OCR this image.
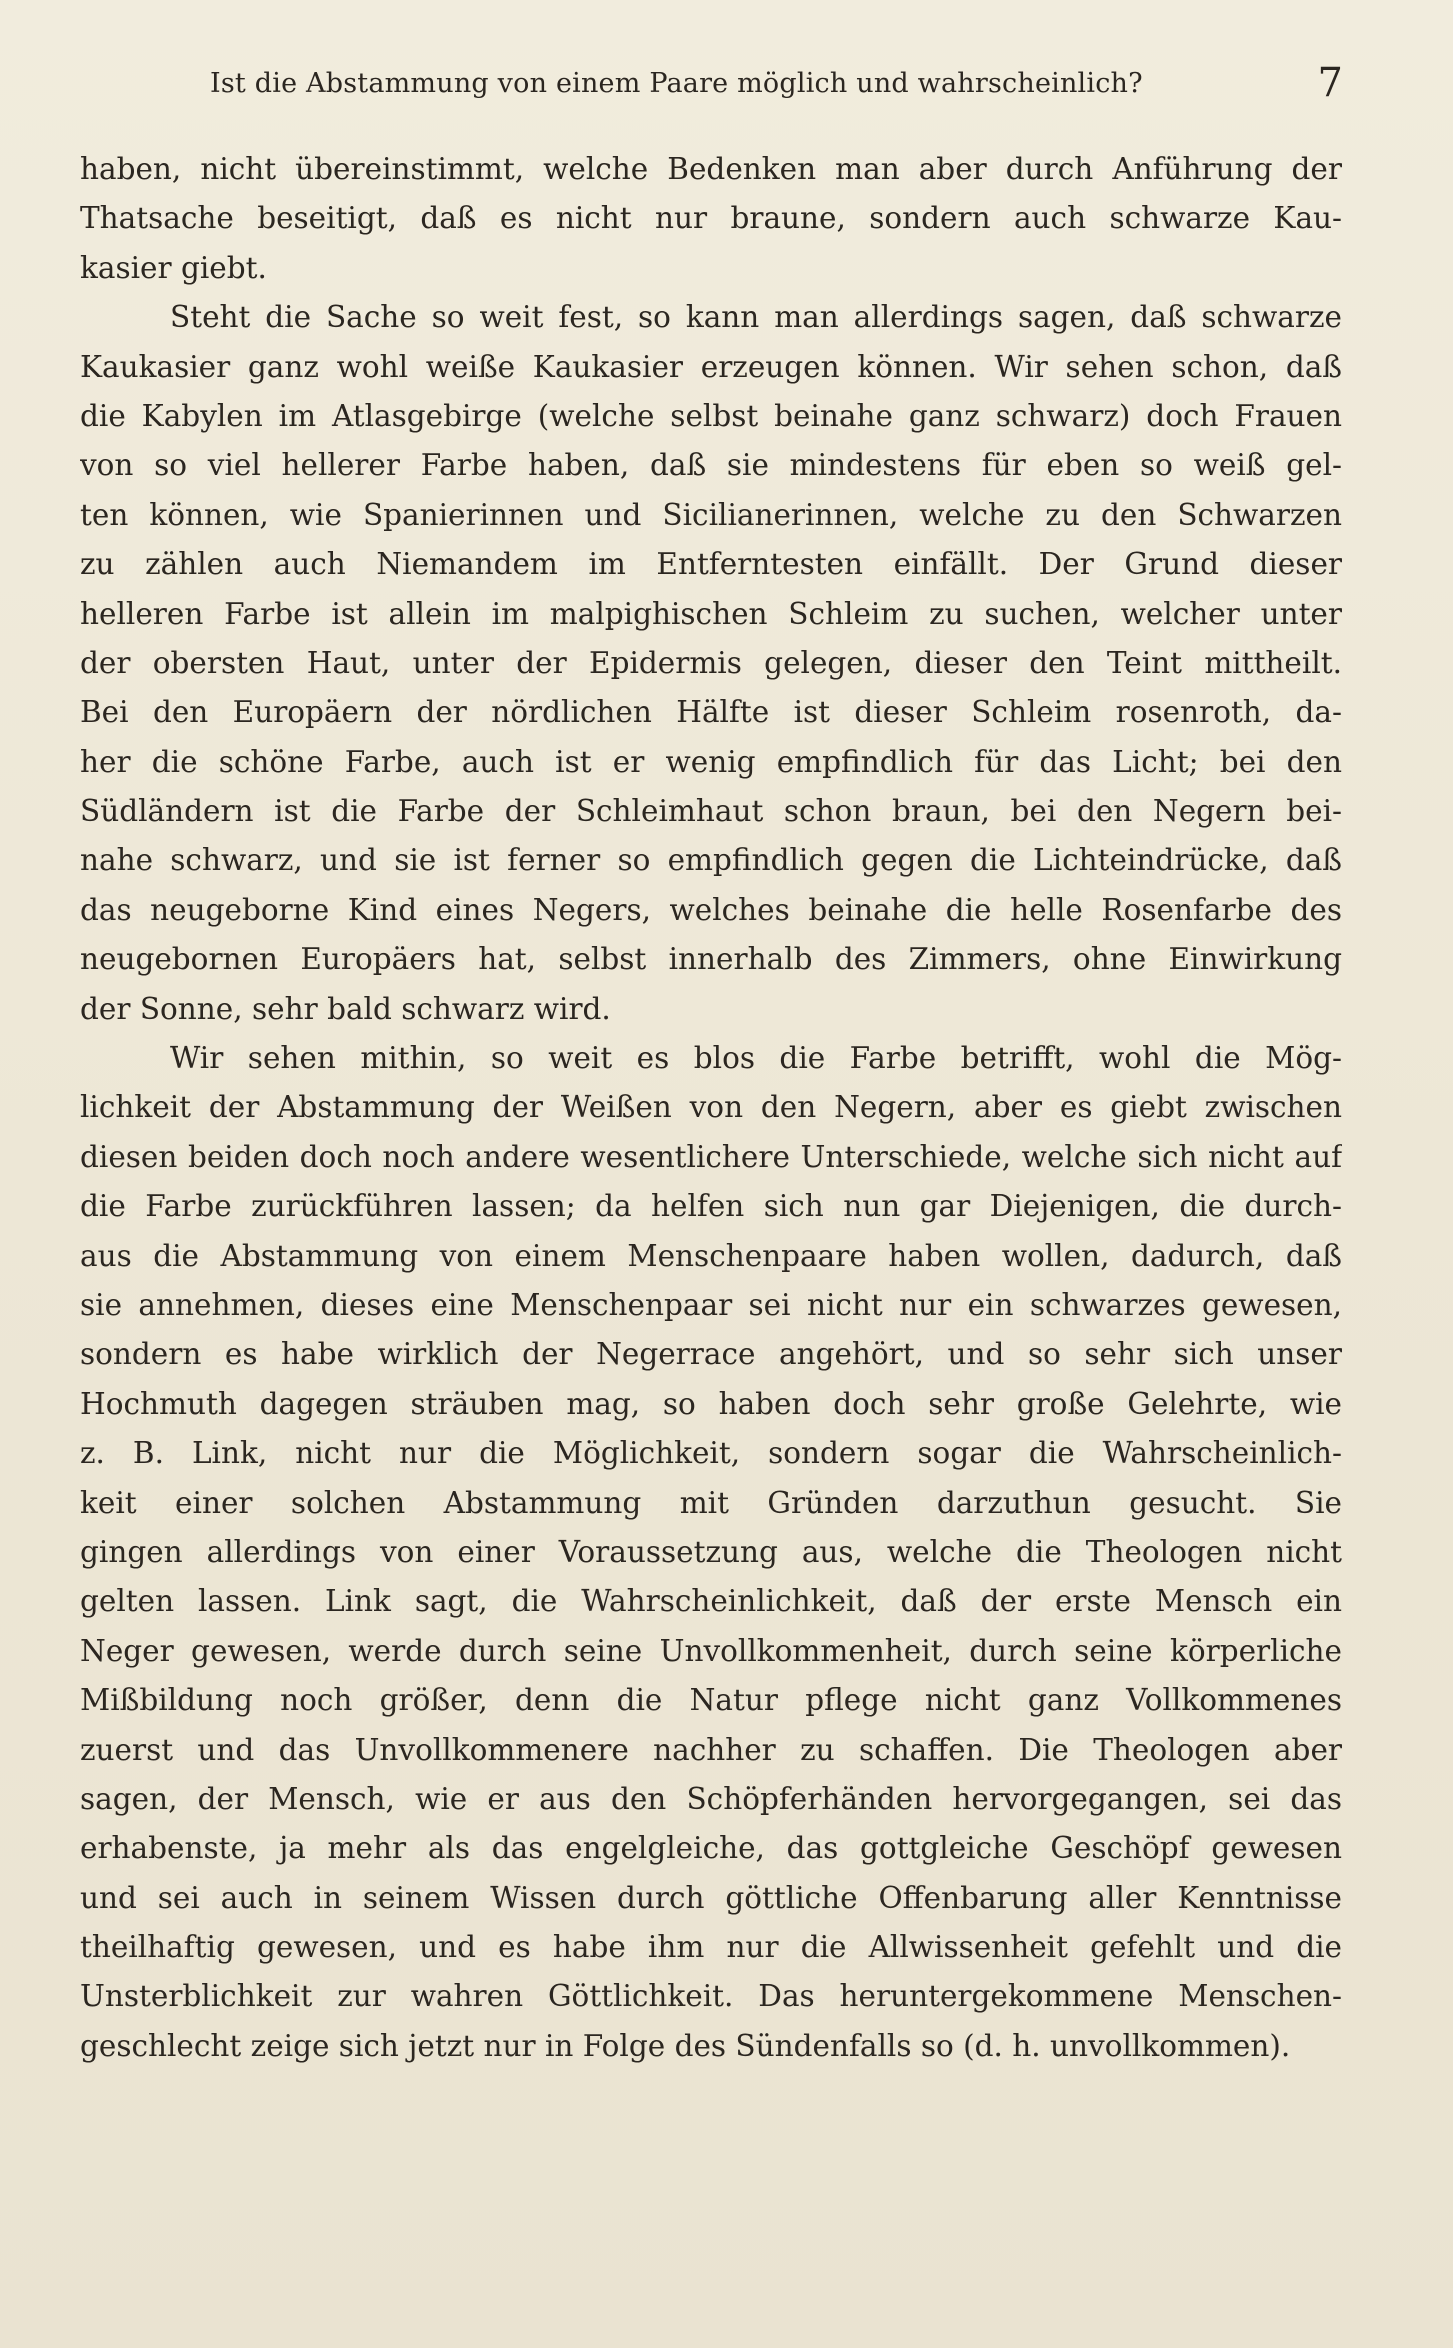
Ist die Abstammung von einem Paare möglich und wahrscheinlich?	7
haben, nicht übereinstimmt, welche Bedenken man aber durch Anführung der
Thatsache beseitigt, daß es nicht nur braune, sondern auch schwarze Kau-
kasier giebt.
Steht die Sache so weit fest, so kann man allerdings sagen, daß schwarze
Kaukasier ganz wohl weiße Kaukasier erzeugen können. Wir sehen schon, daß
die Kabylen im Atlasgebirge (welche selbst beinahe ganz schwarz) doch Frauen
von so viel hellerer Farbe haben, daß sie mindestens für eben so weiß gel-
ten können, wie Spanierinnen und Sicilianerinnen, welche zu den Schwarzen
zu zählen auch Niemandem im Entferntesten einfällt. Der Grund dieser
helleren Farbe ist allein im malpighischen Schleim zu suchen, welcher unter
der obersten Haut, unter der Epidermis gelegen, dieser den Teint mittheilt.
Bei den Europäern der nördlichen Hälfte ist dieser Schleim rosenroth, da-
her die schöne Farbe, auch ist er wenig empfindlich für das Licht; bei den
Südländern ist die Farbe der Schleimhaut schon braun, bei den Negern bei-
nahe schwarz, und sie ist ferner so empfindlich gegen die Lichteindrücke, daß
das neugeborne Kind eines Negers, welches beinahe die helle Rosenfarbe des
neugebornen Europäers hat, selbst innerhalb des Zimmers, ohne Einwirkung
der Sonne, sehr bald schwarz wird.
Wir sehen mithin, so weit es blos die Farbe betrifft, wohl die Mög-
lichkeit der Abstammung der Weißen von den Negern, aber es giebt zwischen
diesen beiden doch noch andere wesentlichere Unterschiede, welche sich nicht auf
die Farbe zurückführen lassen; da helfen sich nun gar Diejenigen, die durch-
aus die Abstammung von einem Menschenpaare haben wollen, dadurch, daß
sie annehmen, dieses eine Menschenpaar sei nicht nur ein schwarzes gewesen,
sondern es habe wirklich der Negerrace angehört, und so sehr sich unser
Hochmuth dagegen sträuben mag, so haben doch sehr große Gelehrte, wie
z. B. Link, nicht nur die Möglichkeit, sondern sogar die Wahrscheinlich-
keit einer solchen Abstammung mit Gründen darzuthun gesucht. Sie
gingen allerdings von einer Voraussetzung aus, welche die Theologen nicht
gelten lassen. Link sagt, die Wahrscheinlichkeit, daß der erste Mensch ein
Neger gewesen, werde durch seine Unvollkommenheit, durch seine körperliche
Mißbildung noch größer, denn die Natur pflege nicht ganz Vollkommenes
zuerst und das Unvollkommenere nachher zu schaffen. Die Theologen aber
sagen, der Mensch, wie er aus den Schöpferhänden hervorgegangen, sei das
erhabenste, ja mehr als das engelgleiche, das gottgleiche Geschöpf gewesen
und sei auch in seinem Wissen durch göttliche Offenbarung aller Kenntnisse
theilhaftig gewesen, und es habe ihm nur die Allwissenheit gefehlt und die
Unsterblichkeit zur wahren Göttlichkeit. Das heruntergekommene Menschen-
geschlecht zeige sich jetzt nur in Folge des Sündenfalls so (d. h. unvollkommen).
